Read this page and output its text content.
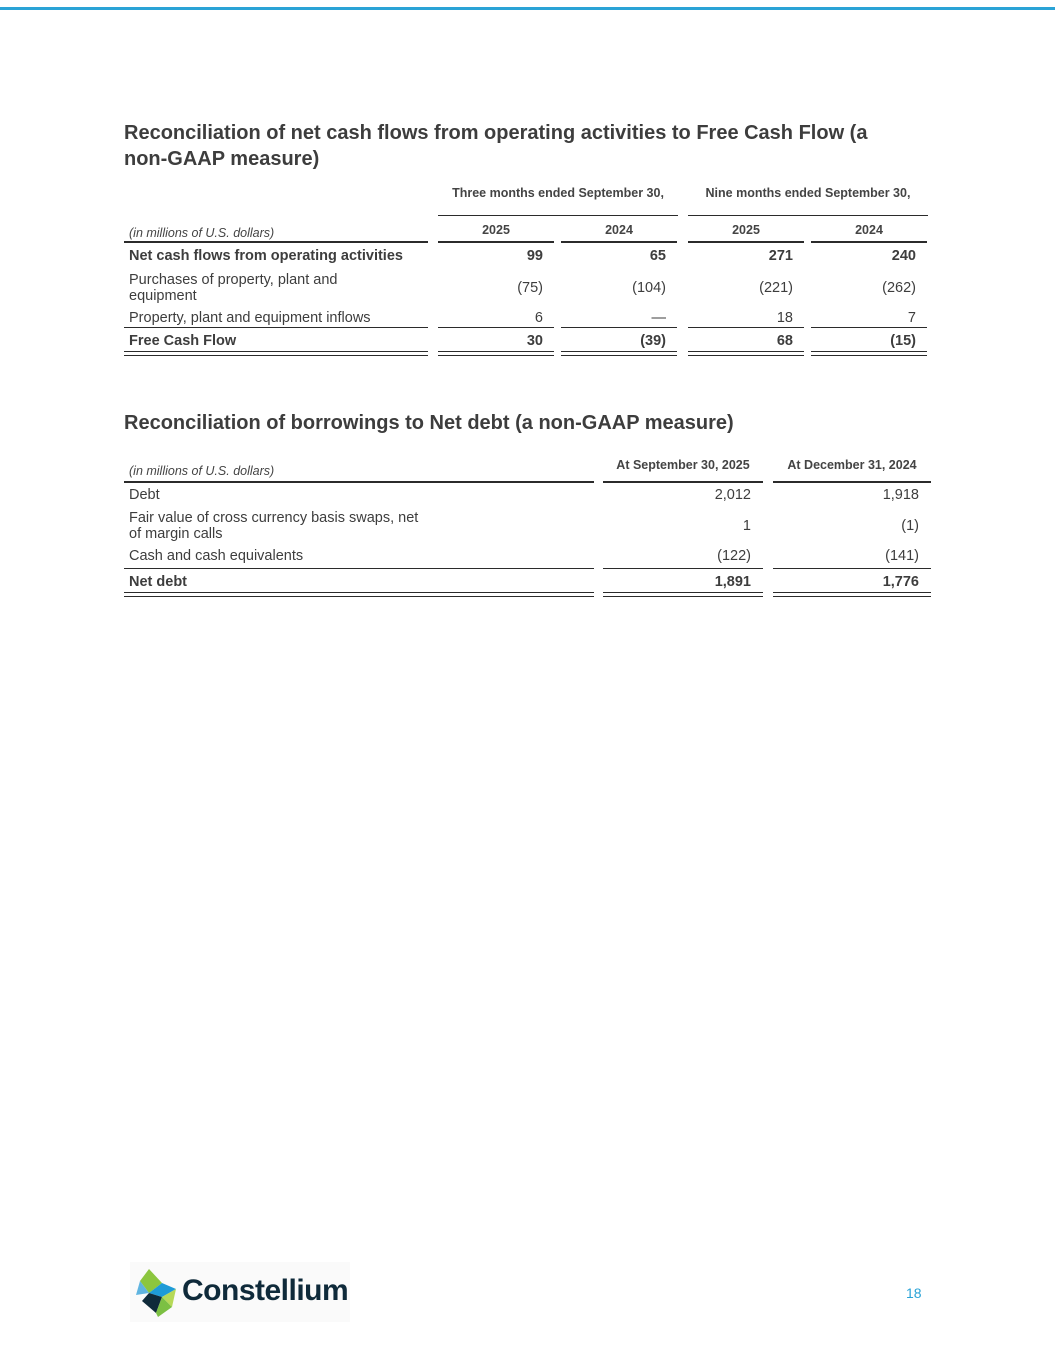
Reconciliation of net cash flows from operating activities to Free Cash Flow (a non-GAAP measure)
Three months ended September 30,	Nine months ended September 30,
(in millions of U.S. dollars)	2025	2024	2025	2024
Net cash flows from operating activities	99	65	271	240
Purchases of property, plant and equipment	(75)	(104)	(221)	(262)
Property, plant and equipment inflows	6	—	18	7
Free Cash Flow	30	(39)	68	(15)
Reconciliation of borrowings to Net debt (a non-GAAP measure)
(in millions of U.S. dollars)	At September 30, 2025	At December 31, 2024
Debt	2,012	1,918
Fair value of cross currency basis swaps, net of margin calls	1	(1)
Cash and cash equivalents	(122)	(141)
Net debt	1,891	1,776
Constellium	18
